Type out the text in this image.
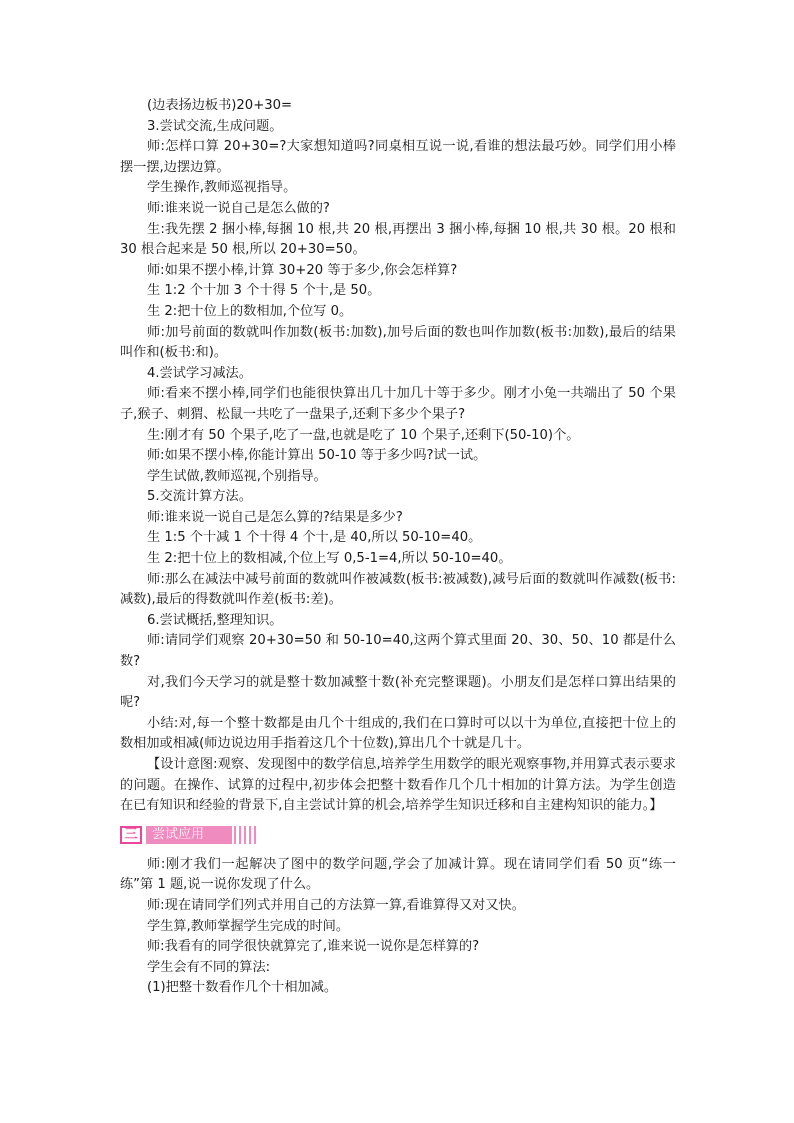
(边表扬边板书)20+30=

3.尝试交流,生成问题。

师:怎样口算 20+30=?大家想知道吗?同桌相互说一说,看谁的想法最巧妙。同学们用小棒摆一摆,边摆边算。

学生操作,教师巡视指导。

师:谁来说一说自己是怎么做的?

生:我先摆 2 捆小棒,每捆 10 根,共 20 根,再摆出 3 捆小棒,每捆 10 根,共 30 根。20 根和 30 根合起来是 50 根,所以 20+30=50。

师:如果不摆小棒,计算 30+20 等于多少,你会怎样算?

生 1:2 个十加 3 个十得 5 个十,是 50。

生 2:把十位上的数相加,个位写 0。

师:加号前面的数就叫作加数(板书:加数),加号后面的数也叫作加数(板书:加数),最后的结果叫作和(板书:和)。

4.尝试学习减法。

师:看来不摆小棒,同学们也能很快算出几十加几十等于多少。刚才小兔一共端出了 50 个果子,猴子、刺猬、松鼠一共吃了一盘果子,还剩下多少个果子?

生:刚才有 50 个果子,吃了一盘,也就是吃了 10 个果子,还剩下(50-10)个。

师:如果不摆小棒,你能计算出 50-10 等于多少吗?试一试。

学生试做,教师巡视,个别指导。

5.交流计算方法。

师:谁来说一说自己是怎么算的?结果是多少?

生 1:5 个十减 1 个十得 4 个十,是 40,所以 50-10=40。

生 2:把十位上的数相减,个位上写 0,5-1=4,所以 50-10=40。

师:那么在减法中减号前面的数就叫作被减数(板书:被减数),减号后面的数就叫作减数(板书:减数),最后的得数就叫作差(板书:差)。

6.尝试概括,整理知识。

师:请同学们观察 20+30=50 和 50-10=40,这两个算式里面 20、30、50、10 都是什么数?

对,我们今天学习的就是整十数加减整十数(补充完整课题)。小朋友们是怎样口算出结果的呢?

小结:对,每一个整十数都是由几个十组成的,我们在口算时可以以十为单位,直接把十位上的数相加或相减(师边说边用手指着这几个十位数),算出几个十就是几十。

【设计意图:观察、发现图中的数学信息,培养学生用数学的眼光观察事物,并用算式表示要求的问题。在操作、试算的过程中,初步体会把整十数看作几个几十相加的计算方法。为学生创造在已有知识和经验的背景下,自主尝试计算的机会,培养学生知识迁移和自主建构知识的能力。】

三	尝试应用

师:刚才我们一起解决了图中的数学问题,学会了加减计算。现在请同学们看 50 页“练一练”第 1 题,说一说你发现了什么。

师:现在请同学们列式并用自己的方法算一算,看谁算得又对又快。

学生算,教师掌握学生完成的时间。

师:我看有的同学很快就算完了,谁来说一说你是怎样算的?

学生会有不同的算法:

(1)把整十数看作几个十相加减。
